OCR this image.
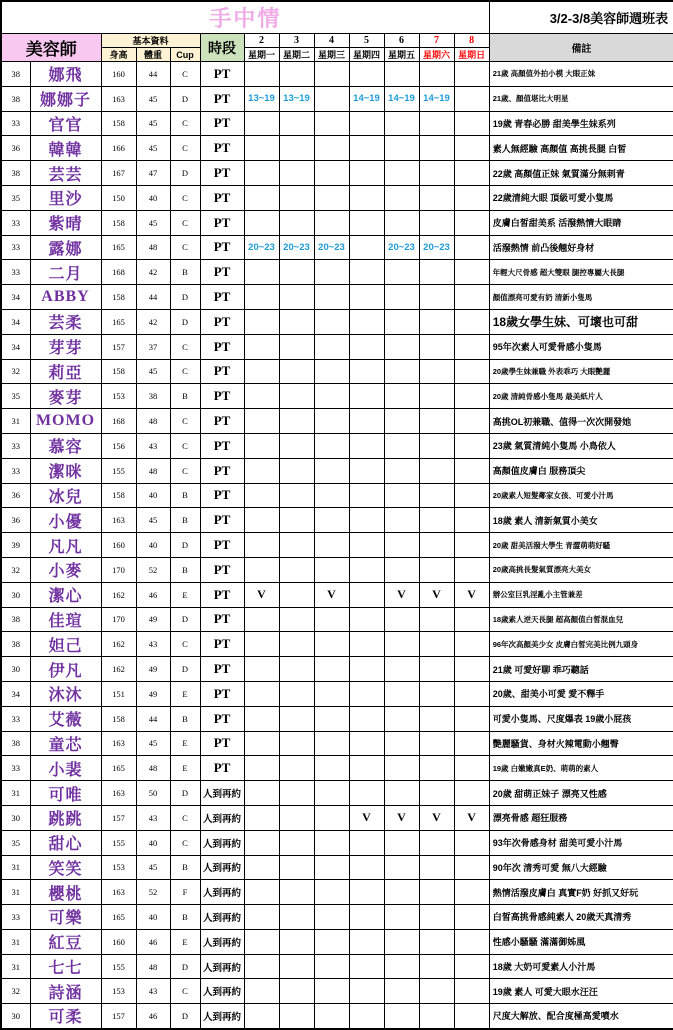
手中情													3/2-3/8美容師週班表
美容師		基本資料			時段	2	3	4	5	6	7	8	備註
		身高	體重	Cup		星期一	星期二	星期三	星期四	星期五	星期六	星期日	
38	娜飛	160	44	C	PT								21歲 高顏值外拍小模 大眼正妹
38	娜娜子	163	45	D	PT	13~19	13~19		14~19	14~19	14~19		21歲、顏值堪比大明星
33	官官	158	45	C	PT								19歲 青春必勝 甜美學生妹系列
36	韓韓	166	45	C	PT								素人無經驗 高顏值 高挑長腿 白皙
38	芸芸	167	47	D	PT								22歲 高顏值正妹 氣質滿分無刺青
35	里沙	150	40	C	PT								22歲清純大眼 頂級可愛小隻馬
33	紫晴	158	45	C	PT								皮膚白皙甜美系 活潑熱情大眼睛
33	露娜	165	48	C	PT	20~23	20~23	20~23		20~23	20~23		活潑熱情 前凸後翹好身材
33	二月	168	42	B	PT								年輕大尺骨感 超大雙眼 腿控專屬大長腿
34	ABBY	158	44	D	PT								顏值漂亮可愛有奶 清新小隻馬
34	芸柔	165	42	D	PT								18歲女學生妹、可壞也可甜
34	芽芽	157	37	C	PT								95年次素人可愛骨感小隻馬
32	莉亞	158	45	C	PT								20歲學生妹兼職 外表乖巧 大眼艷麗
35	麥芽	153	38	B	PT								20歲 清純骨感小隻馬 最美紙片人
31	MOMO	168	48	C	PT								高挑OL初兼職、值得一次次開發她
33	慕容	156	43	C	PT								23歲 氣質清純小隻馬 小鳥依人
33	潔咪	155	48	C	PT								高顏值皮膚白 服務頂尖
36	冰兒	158	40	B	PT								20歲素人短髮鄰家女孩、可愛小汁馬
36	小優	163	45	B	PT								18歲 素人 清新氣質小美女
39	凡凡	160	40	D	PT								20歲 甜美活潑大學生 青澀萌萌好騷
32	小麥	170	52	B	PT								20歲高挑長髮氣質漂亮大美女
30	潔心	162	46	E	PT	V		V		V	V	V	辦公室巨乳淫亂小主管兼差
38	佳瑄	170	49	D	PT								18歲素人逆天長腿 超高顏值白皙混血兒
38	妲己	162	43	C	PT								96年次高顏美少女 皮膚白皙完美比例九頭身
30	伊凡	162	49	D	PT								21歲 可愛好聊 乖巧聽話
34	沐沐	151	49	E	PT								20歲、甜美小可愛 愛不釋手
33	艾薇	158	44	B	PT								可愛小隻馬、尺度爆表 19歲小屁孩
38	童芯	163	45	E	PT								艷麗騷貨、身材火辣電動小翹臀
33	小裴	165	48	E	PT								19歲 白嫩嫩真E奶、萌萌的素人
31	可唯	163	50	D	人到再約								20歲 甜萌正妹子 漂亮又性感
30	跳跳	157	43	C	人到再約				V	V	V	V	漂亮骨感 超狂服務
35	甜心	155	40	C	人到再約								93年次骨感身材 甜美可愛小汁馬
31	笑笑	153	45	B	人到再約								90年次 清秀可愛 無八大經驗
31	櫻桃	163	52	F	人到再約								熱情活潑皮膚白 真實F奶 好抓又好玩
33	可樂	165	40	B	人到再約								白皙高挑骨感純素人 20歲天真清秀
31	紅豆	160	46	E	人到再約								性感小騷騷 滿滿御姊風
31	七七	155	48	D	人到再約								18歲 大奶可愛素人小汁馬
32	詩涵	153	43	C	人到再約								19歲 素人 可愛大眼水汪汪
30	可柔	157	46	D	人到再約								尺度大解放、配合度極高愛噴水
